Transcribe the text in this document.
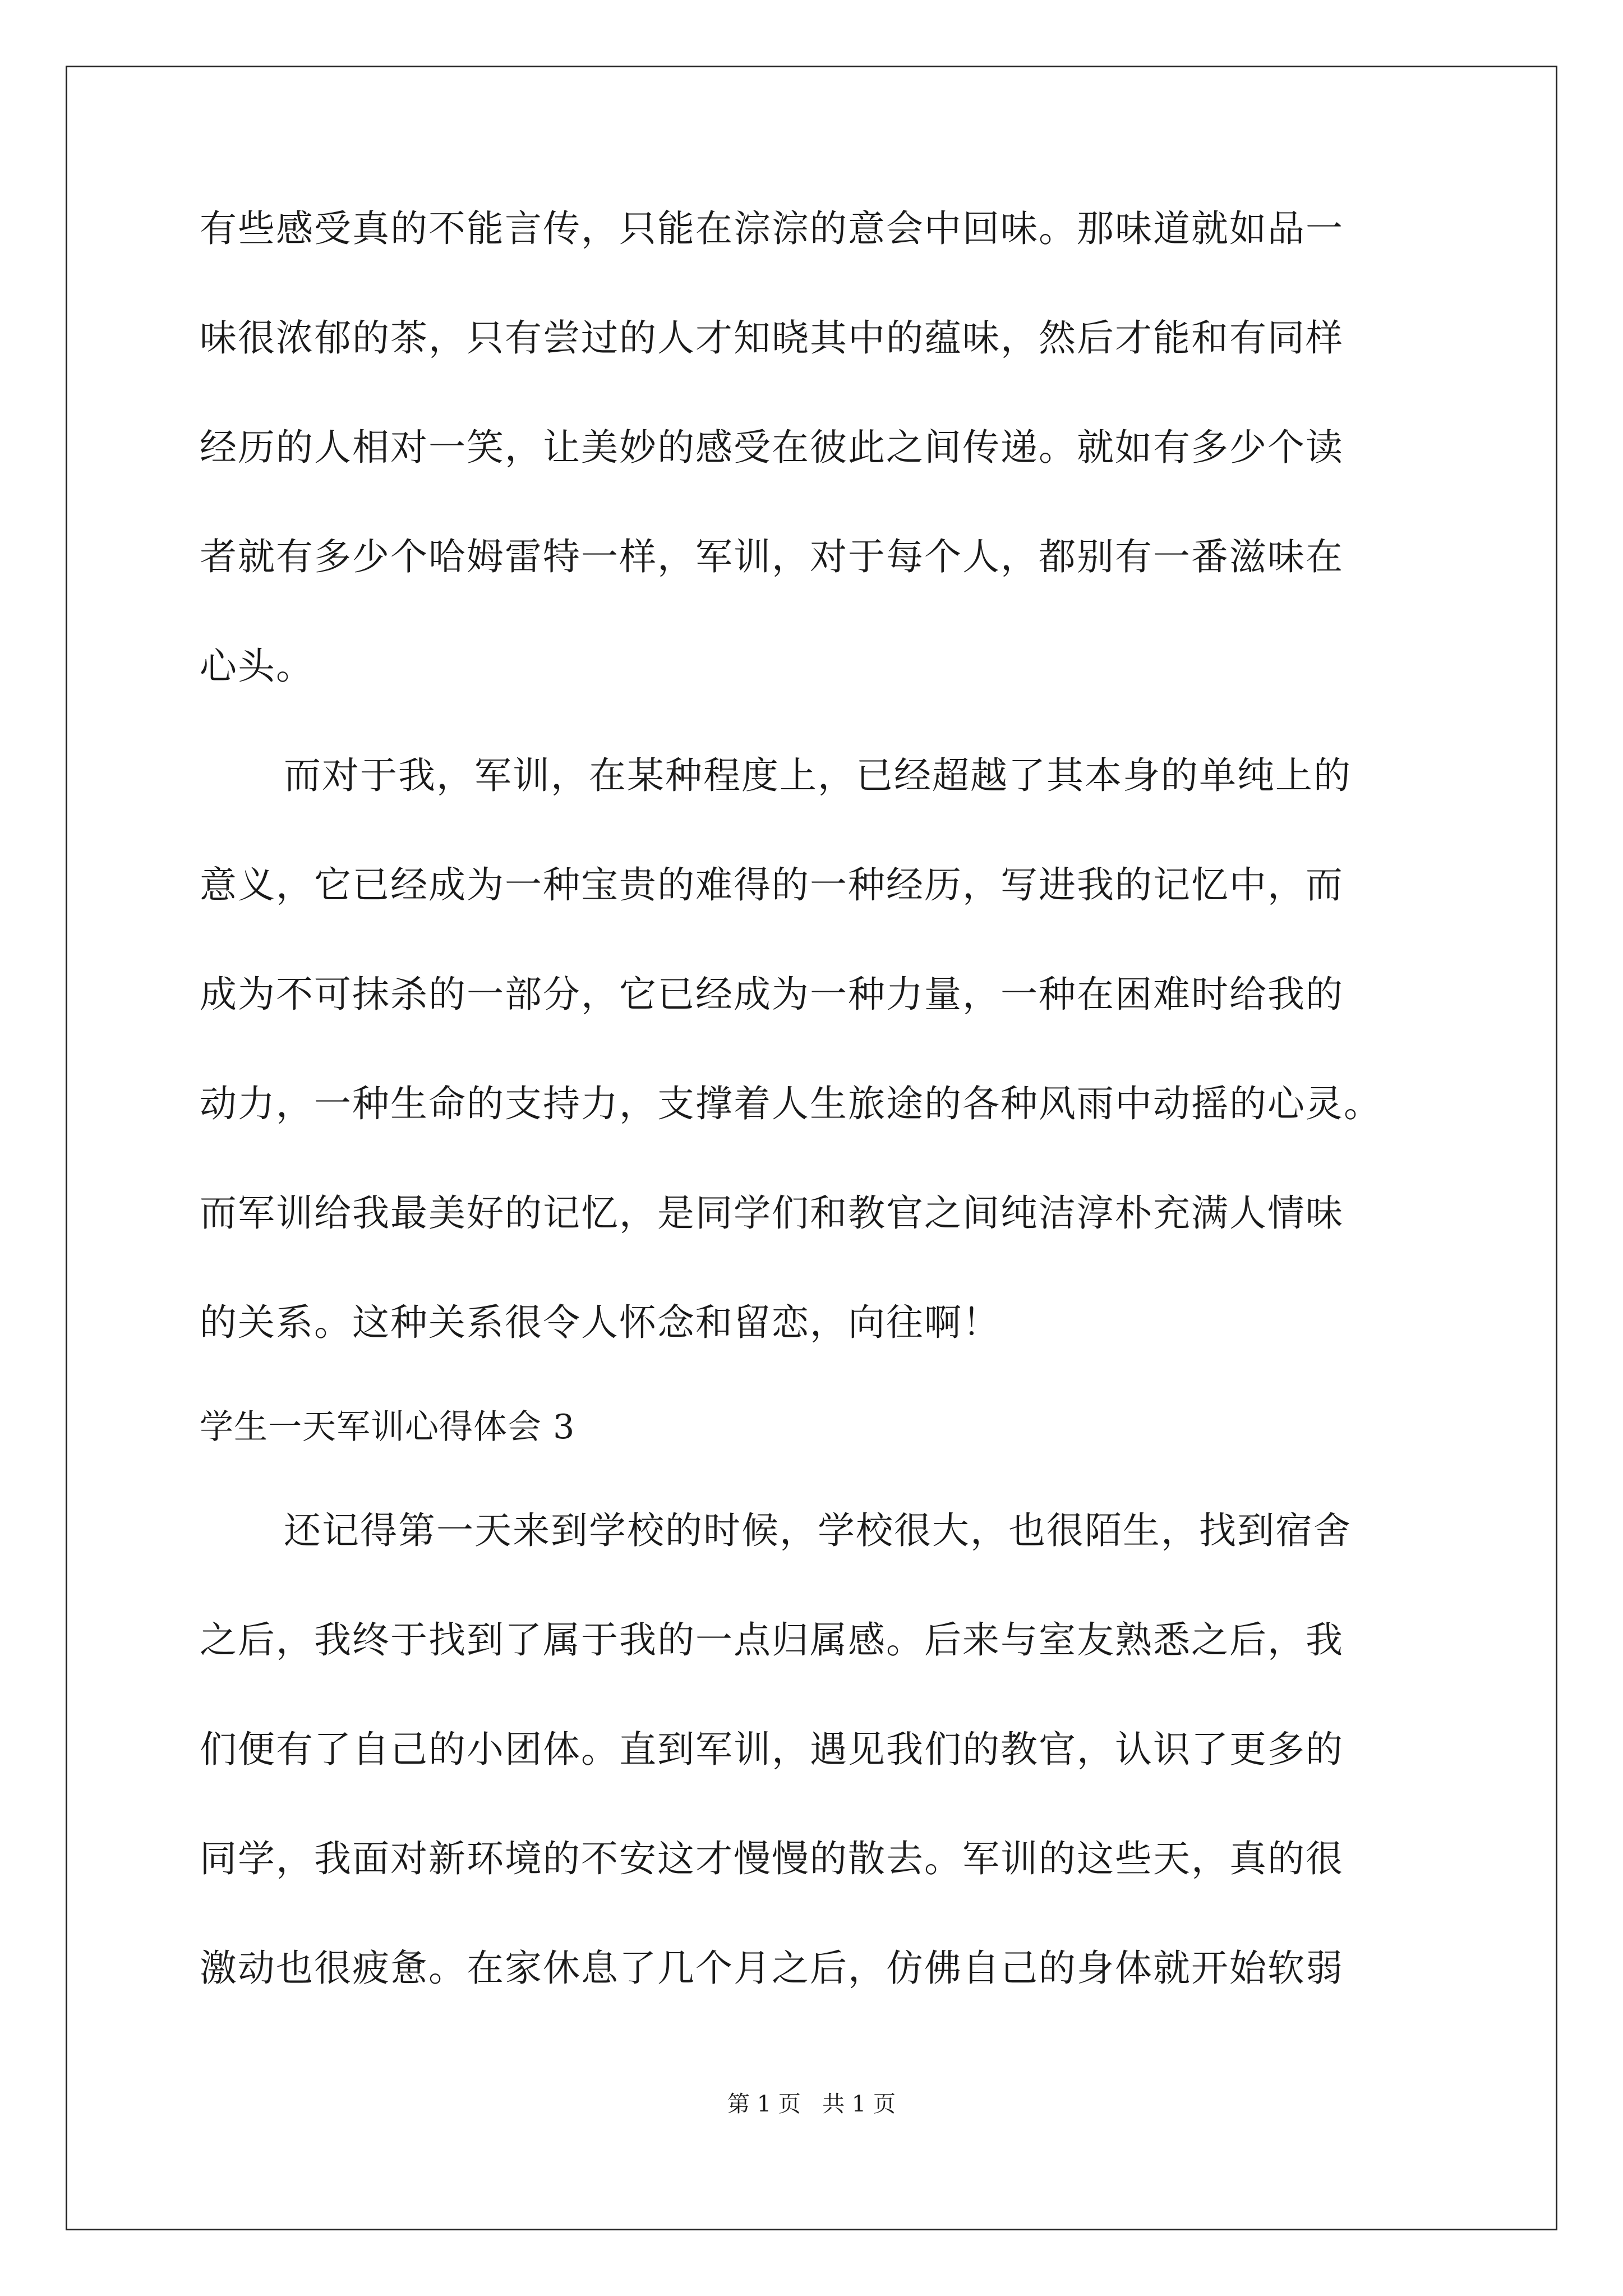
有些感受真的不能言传，只能在淙淙的意会中回味。那味道就如品一
味很浓郁的茶，只有尝过的人才知晓其中的蕴味，然后才能和有同样
经历的人相对一笑，让美妙的感受在彼此之间传递。就如有多少个读
者就有多少个哈姆雷特一样，军训，对于每个人，都别有一番滋味在
心头。
而对于我，军训，在某种程度上，已经超越了其本身的单纯上的
意义，它已经成为一种宝贵的难得的一种经历，写进我的记忆中，而
成为不可抹杀的一部分，它已经成为一种力量，一种在困难时给我的
动力，一种生命的支持力，支撑着人生旅途的各种风雨中动摇的心灵。
而军训给我最美好的记忆，是同学们和教官之间纯洁淳朴充满人情味
的关系。这种关系很令人怀念和留恋，向往啊！
学生一天军训心得体会 3
还记得第一天来到学校的时候，学校很大，也很陌生，找到宿舍
之后，我终于找到了属于我的一点归属感。后来与室友熟悉之后，我
们便有了自己的小团体。直到军训，遇见我们的教官，认识了更多的
同学，我面对新环境的不安这才慢慢的散去。军训的这些天，真的很
激动也很疲惫。在家休息了几个月之后，仿佛自己的身体就开始软弱
第 1 页   共 1 页
